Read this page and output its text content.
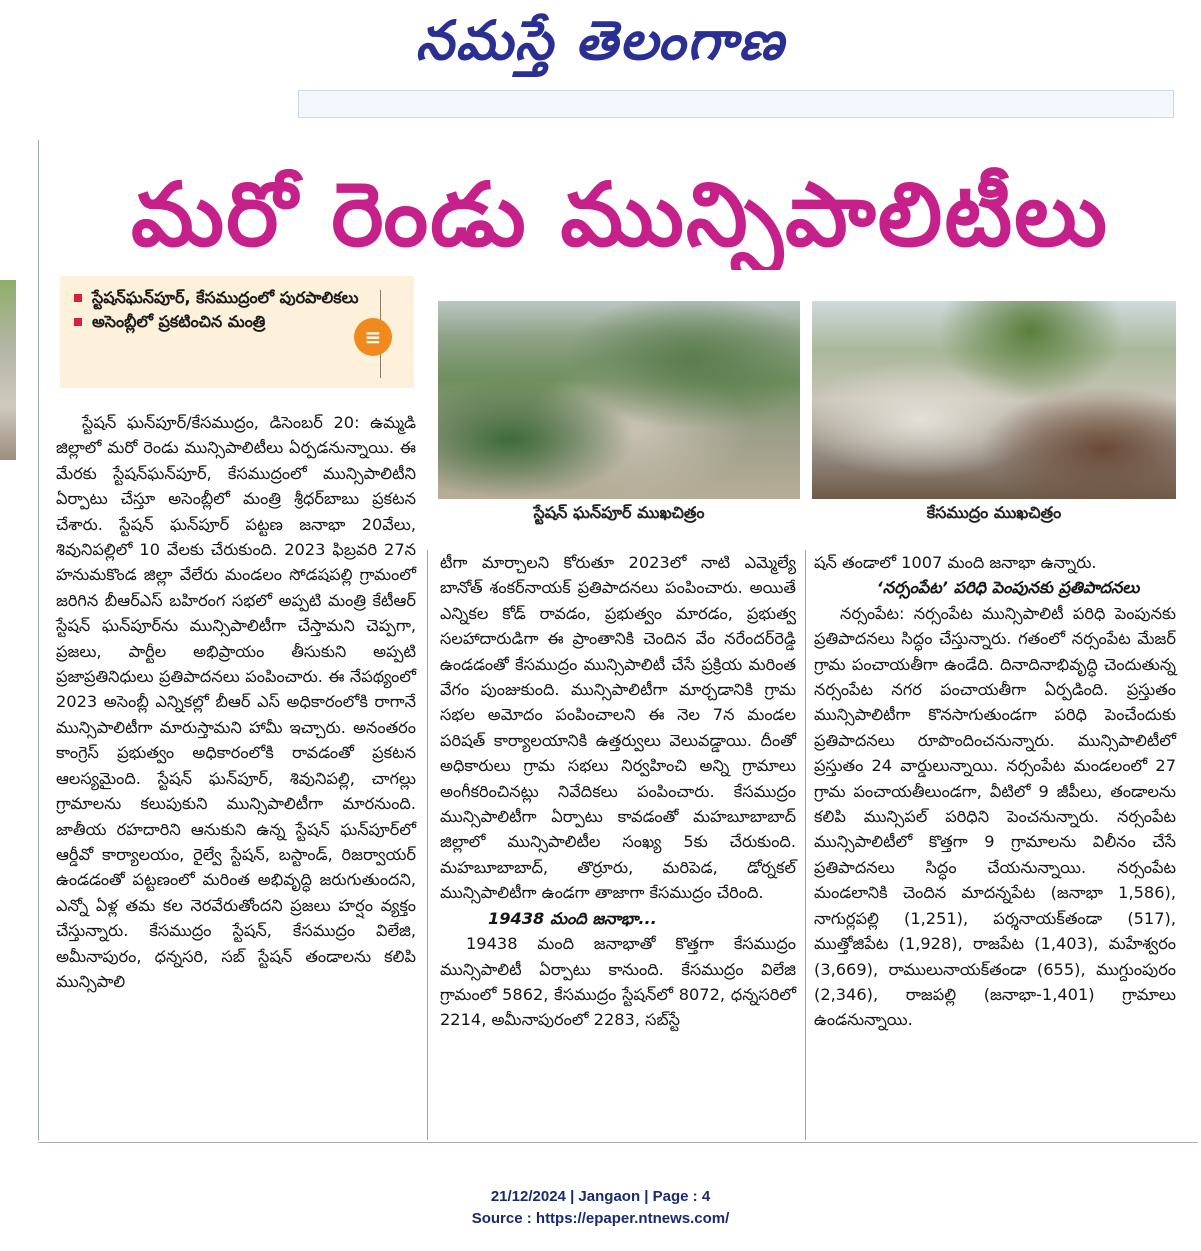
నమస్తే తెలంగాణ
మరో రెండు మున్సిపాలిటీలు
స్టేషన్‌ఘన్‌పూర్, కేసముద్రంలో పురపాలికలు
అసెంబ్లీలో ప్రకటించిన మంత్రి
≡
స్టేషన్ ఘన్‌పూర్ ముఖచిత్రం	కేసముద్రం ముఖచిత్రం

స్టేషన్ ఘన్‌పూర్/కేసముద్రం, డిసెంబర్ 20: ఉమ్మడి జిల్లాలో మరో రెండు మున్సిపాలిటీలు ఏర్పడనున్నాయి. ఈ మేరకు స్టేషన్‌ఘన్‌పూర్, కేసముద్రంలో మున్సిపాలిటీని ఏర్పాటు చేస్తూ అసెంబ్లీలో మంత్రి శ్రీధర్‌బాబు ప్రకటన చేశారు. స్టేషన్ ఘన్‌పూర్ పట్టణ జనాభా 20వేలు, శివునిపల్లిలో 10 వేలకు చేరుకుంది. 2023 ఫిబ్రవరి 27న హనుమకొండ జిల్లా వేలేరు మండలం సోడషపల్లి గ్రామంలో జరిగిన బీఆర్‌ఎస్ బహిరంగ సభలో అప్పటి మంత్రి కేటీఆర్ స్టేషన్ ఘన్‌పూర్‌ను మున్సిపాలిటీగా చేస్తామని చెప్పగా, ప్రజలు, పార్టీల అభిప్రాయం తీసుకుని అప్పటి ప్రజాప్రతినిధులు ప్రతిపాదనలు పంపించారు. ఈ నేపథ్యంలో 2023 అసెంబ్లీ ఎన్నికల్లో బీఆర్ ఎస్ అధికారంలోకి రాగానే మున్సిపాలిటీగా మారుస్తామని హామీ ఇచ్చారు. అనంతరం కాంగ్రెస్ ప్రభుత్వం అధికారంలోకి రావడంతో ప్రకటన ఆలస్యమైంది. స్టేషన్ ఘన్‌పూర్, శివునిపల్లి, చాగల్లు గ్రామాలను కలుపుకుని మున్సిపాలిటీగా మారనుంది. జాతీయ రహదారిని ఆనుకుని ఉన్న స్టేషన్ ఘన్‌పూర్‌లో ఆర్డీవో కార్యాలయం, రైల్వే స్టేషన్, బస్టాండ్, రిజర్వాయర్ ఉండడంతో పట్టణంలో మరింత అభివృద్ధి జరుగుతుందని, ఎన్నో ఏళ్ల తమ కల నెరవేరుతోందని ప్రజలు హర్షం వ్యక్తం చేస్తున్నారు. కేసముద్రం స్టేషన్, కేసముద్రం విలేజి, అమీనాపురం, ధన్నసరి, సబ్ స్టేషన్ తండాలను కలిపి మున్సిపాలి

టీగా మార్చాలని కోరుతూ 2023లో నాటి ఎమ్మెల్యే బానోత్ శంకర్‌నాయక్ ప్రతిపాదనలు పంపించారు. అయితే ఎన్నికల కోడ్ రావడం, ప్రభుత్వం మారడం, ప్రభుత్వ సలహాదారుడిగా ఈ ప్రాంతానికి చెందిన వేం నరేందర్‌రెడ్డి ఉండడంతో కేసముద్రం మున్సిపాలిటీ చేసే ప్రక్రియ మరింత వేగం పుంజుకుంది. మున్సిపాలిటీగా మార్చడానికి గ్రామ సభల అమోదం పంపించాలని ఈ నెల 7న మండల పరిషత్ కార్యాలయానికి ఉత్తర్వులు వెలువడ్డాయి. దీంతో అధికారులు గ్రామ సభలు నిర్వహించి అన్ని గ్రామాలు అంగీకరించినట్లు నివేదికలు పంపించారు. కేసముద్రం మున్సిపాలిటీగా ఏర్పాటు కావడంతో మహబూబాబాద్ జిల్లాలో మున్సిపాలిటీల సంఖ్య 5కు చేరుకుంది. మహబూబాబాద్, తొర్రూరు, మరిపెడ, డోర్నకల్ మున్సిపాలిటీగా ఉండగా తాజాగా కేసముద్రం చేరింది.

19438 మంది జనాభా...

19438 మంది జనాభాతో కొత్తగా కేసముద్రం మున్సిపాలిటీ ఏర్పాటు కానుంది. కేసముద్రం విలేజి గ్రామంలో 5862, కేసముద్రం స్టేషన్‌లో 8072, ధన్నసరిలో 2214, అమీనాపురంలో 2283, సబ్‌స్టే

షన్ తండాలో 1007 మంది జనాభా ఉన్నారు.

‘నర్సంపేట’ పరిధి పెంపునకు ప్రతిపాదనలు

నర్సంపేట: నర్సంపేట మున్సిపాలిటీ పరిధి పెంపునకు ప్రతిపాదనలు సిద్ధం చేస్తున్నారు. గతంలో నర్సంపేట మేజర్ గ్రామ పంచాయతీగా ఉండేది. దినాదినాభివృద్ధి చెందుతున్న నర్సంపేట నగర పంచాయతీగా ఏర్పడింది. ప్రస్తుతం మున్సిపాలిటీగా కొనసాగుతుండగా పరిధి పెంచేందుకు ప్రతిపాదనలు రూపొందించనున్నారు. మున్సిపాలిటీలో ప్రస్తుతం 24 వార్డులున్నాయి. నర్సంపేట మండలంలో 27 గ్రామ పంచాయతీలుండగా, వీటిలో 9 జీపీలు, తండాలను కలిపి మున్సిపల్ పరిధిని పెంచనున్నారు. నర్సంపేట మున్సిపాలిటీలో కొత్తగా 9 గ్రామాలను విలీనం చేసే ప్రతిపాదనలు సిద్ధం చేయనున్నాయి. నర్సంపేట మండలానికి చెందిన మాదన్నపేట (జనాభా 1,586), నాగుర్లపల్లి (1,251), పర్శనాయక్‌తండా (517), ముత్తోజిపేట (1,928), రాజపేట (1,403), మహేశ్వరం (3,669), రాములునాయక్‌తండా (655), ముగ్దుంపురం (2,346), రాజపల్లి (జనాభా-1,401) గ్రామాలు ఉండనున్నాయి.

21/12/2024 | Jangaon | Page : 4
Source : https://epaper.ntnews.com/
